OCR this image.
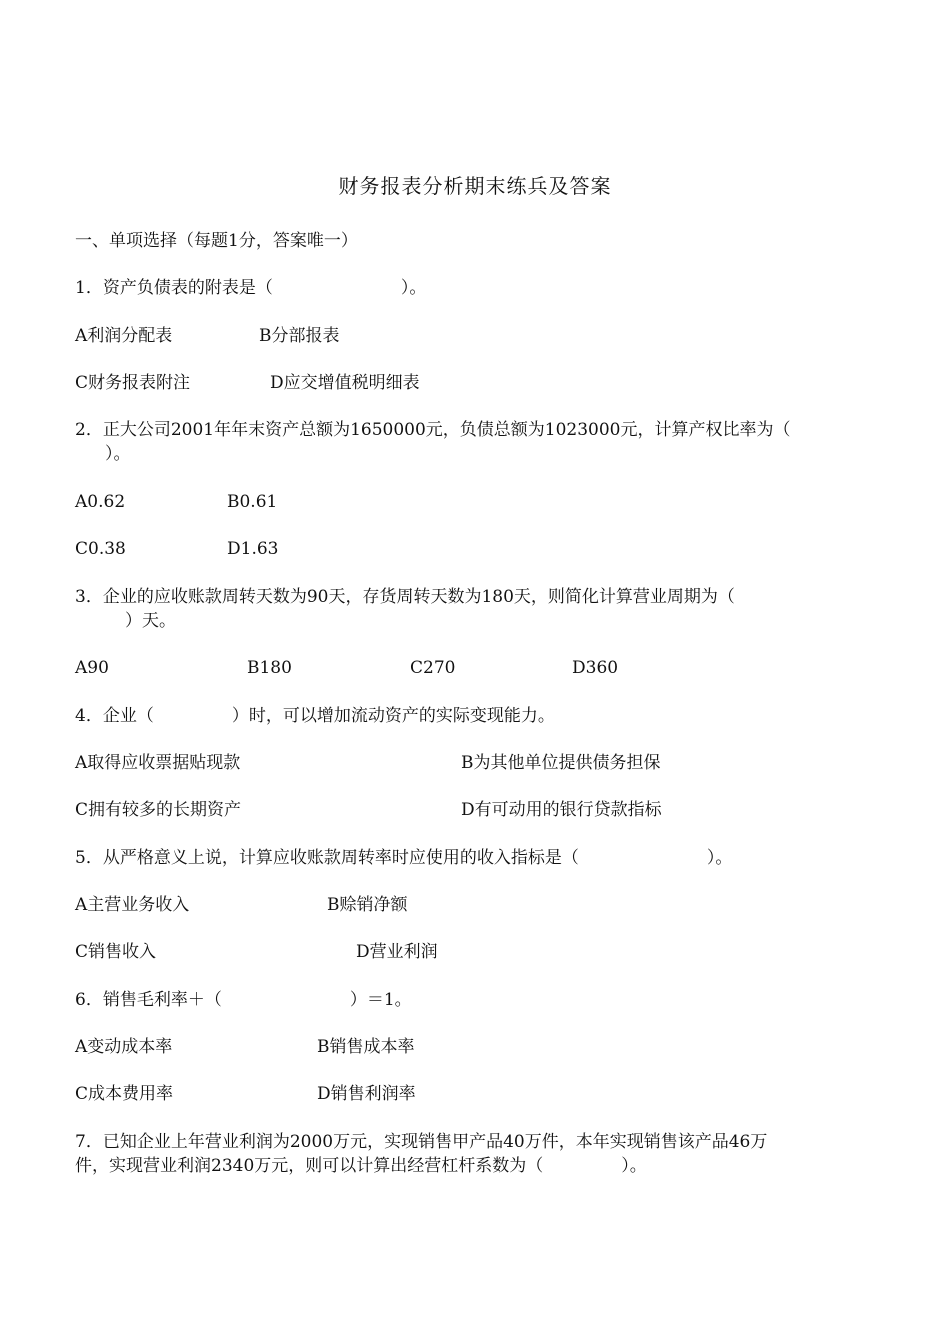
财务报表分析期末练兵及答案
一、单项选择（每题1分，答案唯一）
1．资产负债表的附表是（	）。
A利润分配表	B分部报表
C财务报表附注	D应交增值税明细表
2．正大公司2001年年末资产总额为1650000元，负债总额为1023000元，计算产权比率为（
）。
A0.62	B0.61
C0.38	D1.63
3．企业的应收账款周转天数为90天，存货周转天数为180天，则简化计算营业周期为（
）天。
A90	B180	C270	D360
4．企业（	）时，可以增加流动资产的实际变现能力。
A取得应收票据贴现款	B为其他单位提供债务担保
C拥有较多的长期资产	D有可动用的银行贷款指标
5．从严格意义上说，计算应收账款周转率时应使用的收入指标是（	）。
A主营业务收入	B赊销净额
C销售收入	D营业利润
6．销售毛利率＋（	）＝1。
A变动成本率	B销售成本率
C成本费用率	D销售利润率
7．已知企业上年营业利润为2000万元，实现销售甲产品40万件，本年实现销售该产品46万
件，实现营业利润2340万元，则可以计算出经营杠杆系数为（	）。
